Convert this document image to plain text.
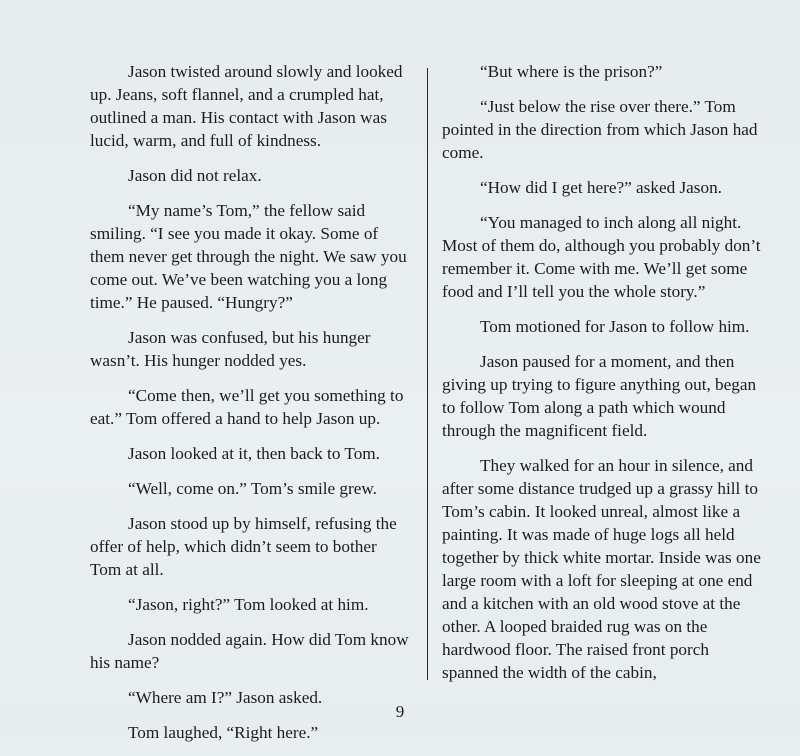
Jason twisted around slowly and looked up. Jeans, soft flannel, and a crumpled hat, outlined a man. His contact with Jason was lucid, warm, and full of kindness.

Jason did not relax.

“My name’s Tom,” the fellow said smiling. “I see you made it okay. Some of them never get through the night. We saw you come out. We’ve been watching you a long time.” He paused. “Hungry?”

Jason was confused, but his hunger wasn’t. His hunger nodded yes.

“Come then, we’ll get you something to eat.” Tom offered a hand to help Jason up.

Jason looked at it, then back to Tom.

“Well, come on.” Tom’s smile grew.

Jason stood up by himself, refusing the offer of help, which didn’t seem to bother Tom at all.

“Jason, right?” Tom looked at him.

Jason nodded again. How did Tom know his name?

“Where am I?” Jason asked.

Tom laughed, “Right here.”

“But where is the prison?”

“Just below the rise over there.” Tom pointed in the direction from which Jason had come.

“How did I get here?” asked Jason.

“You managed to inch along all night. Most of them do, although you probably don’t remember it. Come with me. We’ll get some food and I’ll tell you the whole story.”

Tom motioned for Jason to follow him.

Jason paused for a moment, and then giving up trying to figure anything out, began to follow Tom along a path which wound through the magnificent field.

They walked for an hour in silence, and after some distance trudged up a grassy hill to Tom’s cabin. It looked unreal, almost like a painting. It was made of huge logs all held together by thick white mortar. Inside was one large room with a loft for sleeping at one end and a kitchen with an old wood stove at the other. A looped braided rug was on the hardwood floor. The raised front porch spanned the width of the cabin,

9
